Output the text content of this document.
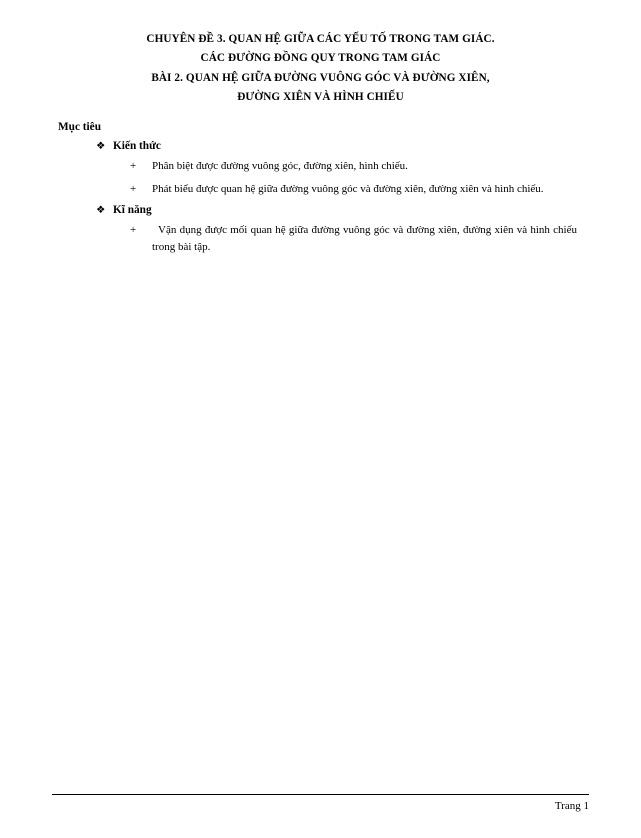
CHUYÊN ĐỀ 3. QUAN HỆ GIỮA CÁC YẾU TỐ TRONG TAM GIÁC.
CÁC ĐƯỜNG ĐỒNG QUY TRONG TAM GIÁC
BÀI 2. QUAN HỆ GIỮA ĐƯỜNG VUÔNG GÓC VÀ ĐƯỜNG XIÊN,
ĐƯỜNG XIÊN VÀ HÌNH CHIẾU
Mục tiêu
❖ Kiến thức
+	Phân biệt được đường vuông góc, đường xiên, hình chiếu.
+	Phát biểu được quan hệ giữa đường vuông góc và đường xiên, đường xiên và hình chiếu.
❖ Kĩ năng
+	Vận dụng được mối quan hệ giữa đường vuông góc và đường xiên, đường xiên và hình chiếu trong bài tập.
Trang 1
